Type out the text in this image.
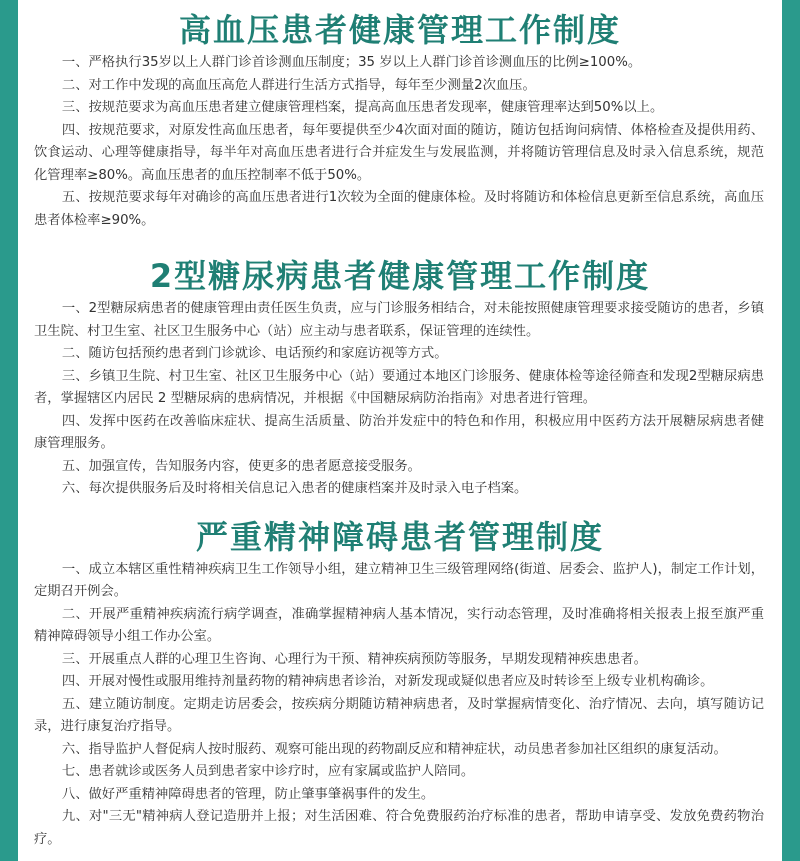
高血压患者健康管理工作制度

一、严格执行35岁以上人群门诊首诊测血压制度；35 岁以上人群门诊首诊测血压的比例≥100%。

二、对工作中发现的高血压高危人群进行生活方式指导，每年至少测量2次血压。

三、按规范要求为高血压患者建立健康管理档案，提高高血压患者发现率，健康管理率达到50%以上。

四、按规范要求，对原发性高血压患者，每年要提供至少4次面对面的随访，随访包括询问病情、体格检查及提供用药、饮食运动、心理等健康指导，每半年对高血压患者进行合并症发生与发展监测，并将随访管理信息及时录入信息系统，规范化管理率≥80%。高血压患者的血压控制率不低于50%。

五、按规范要求每年对确诊的高血压患者进行1次较为全面的健康体检。及时将随访和体检信息更新至信息系统，高血压患者体检率≥90%。

2型糖尿病患者健康管理工作制度

一、2型糖尿病患者的健康管理由责任医生负责，应与门诊服务相结合，对未能按照健康管理要求接受随访的患者，乡镇卫生院、村卫生室、社区卫生服务中心（站）应主动与患者联系，保证管理的连续性。

二、随访包括预约患者到门诊就诊、电话预约和家庭访视等方式。

三、乡镇卫生院、村卫生室、社区卫生服务中心（站）要通过本地区门诊服务、健康体检等途径筛查和发现2型糖尿病患者，掌握辖区内居民 2 型糖尿病的患病情况，并根据《中国糖尿病防治指南》对患者进行管理。

四、发挥中医药在改善临床症状、提高生活质量、防治并发症中的特色和作用，积极应用中医药方法开展糖尿病患者健康管理服务。

五、加强宣传，告知服务内容，使更多的患者愿意接受服务。

六、每次提供服务后及时将相关信息记入患者的健康档案并及时录入电子档案。

严重精神障碍患者管理制度

一、成立本辖区重性精神疾病卫生工作领导小组，建立精神卫生三级管理网络(街道、居委会、监护人)，制定工作计划，定期召开例会。

二、开展严重精神疾病流行病学调查，准确掌握精神病人基本情况，实行动态管理，及时准确将相关报表上报至旗严重精神障碍领导小组工作办公室。

三、开展重点人群的心理卫生咨询、心理行为干预、精神疾病预防等服务，早期发现精神疾患患者。

四、开展对慢性或服用维持剂量药物的精神病患者诊治，对新发现或疑似患者应及时转诊至上级专业机构确诊。

五、建立随访制度。定期走访居委会，按疾病分期随访精神病患者，及时掌握病情变化、治疗情况、去向，填写随访记录，进行康复治疗指导。

六、指导监护人督促病人按时服药、观察可能出现的药物副反应和精神症状，动员患者参加社区组织的康复活动。

七、患者就诊或医务人员到患者家中诊疗时，应有家属或监护人陪同。

八、做好严重精神障碍患者的管理，防止肇事肇祸事件的发生。

九、对"三无"精神病人登记造册并上报；对生活困难、符合免费服药治疗标准的患者，帮助申请享受、发放免费药物治疗。
